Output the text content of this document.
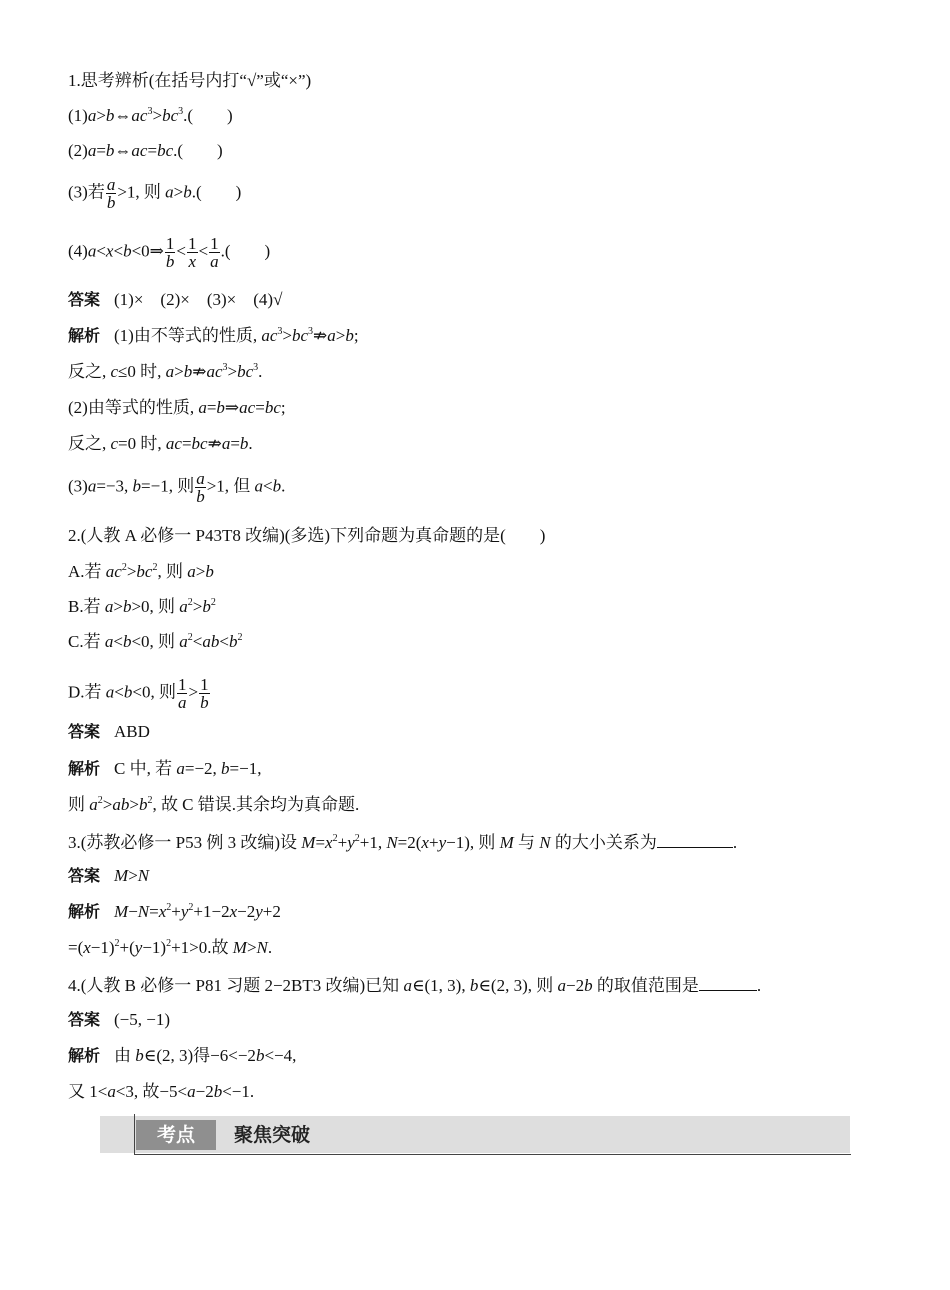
1.思考辨析(在括号内打“√”或“×”)
$(1)a>b\Leftrightarrow ac^3>bc^3$.(        )
(2)a=b⇔ac=bc.(        )
(3)若 $\frac{a}{b} >1$, 则 a>b.(        )
(4)a<x<b<0⇒ $\frac{1}{b} < \frac{1}{x} < \frac{1}{a}$ .(        )
答案 (1)×    (2)×    (3)×    (4)√
解析 (1)由不等式的性质, $ac^3>bc^3⇏a>b$;
反之, c≤0 时, $a>b⇏ac^3>bc^3$.
(2)由等式的性质, a=b⇒ac=bc;
反之, c=0 时, ac=bc⇏a=b.
(3)a=−3, b=−1, 则 $\frac{a}{b} >1$, 但 a<b.
2.(人教 A 必修一 P43T8 改编)(多选)下列命题为真命题的是(        )
A.若 $ac^2>bc^2$, 则 a>b
B.若 a>b>0, 则 $a^2>b^2$
C.若 a<b<0, 则 $a^2<ab<b^2$
D.若 a<b<0, 则 $\frac{1}{a} > \frac{1}{b}$
答案 ABD
解析 C 中, 若 a=−2, b=−1,
则 $a^2>ab>b^2$, 故 C 错误.其余均为真命题.
3.(苏教必修一 P53 例 3 改编)设 $M=x^2+y^2+1$, N=2(x+y−1), 则 M 与 N 的大小关系为	.
答案 M>N
解析 $M-N=x^2+y^2+1-2x-2y+2$
$=(x-1)^2+(y-1)^2+1>0$.故 M>N.
4.(人教 B 必修一 P81 习题 2−2BT3 改编)已知 a∈(1, 3), b∈(2, 3), 则 a−2b 的取值范围是	.
答案 (−5, −1)
解析 由 b∈(2, 3)得−6<−2b<−4,
又 1<a<3, 故−5<a−2b<−1.
考点	聚焦突破
